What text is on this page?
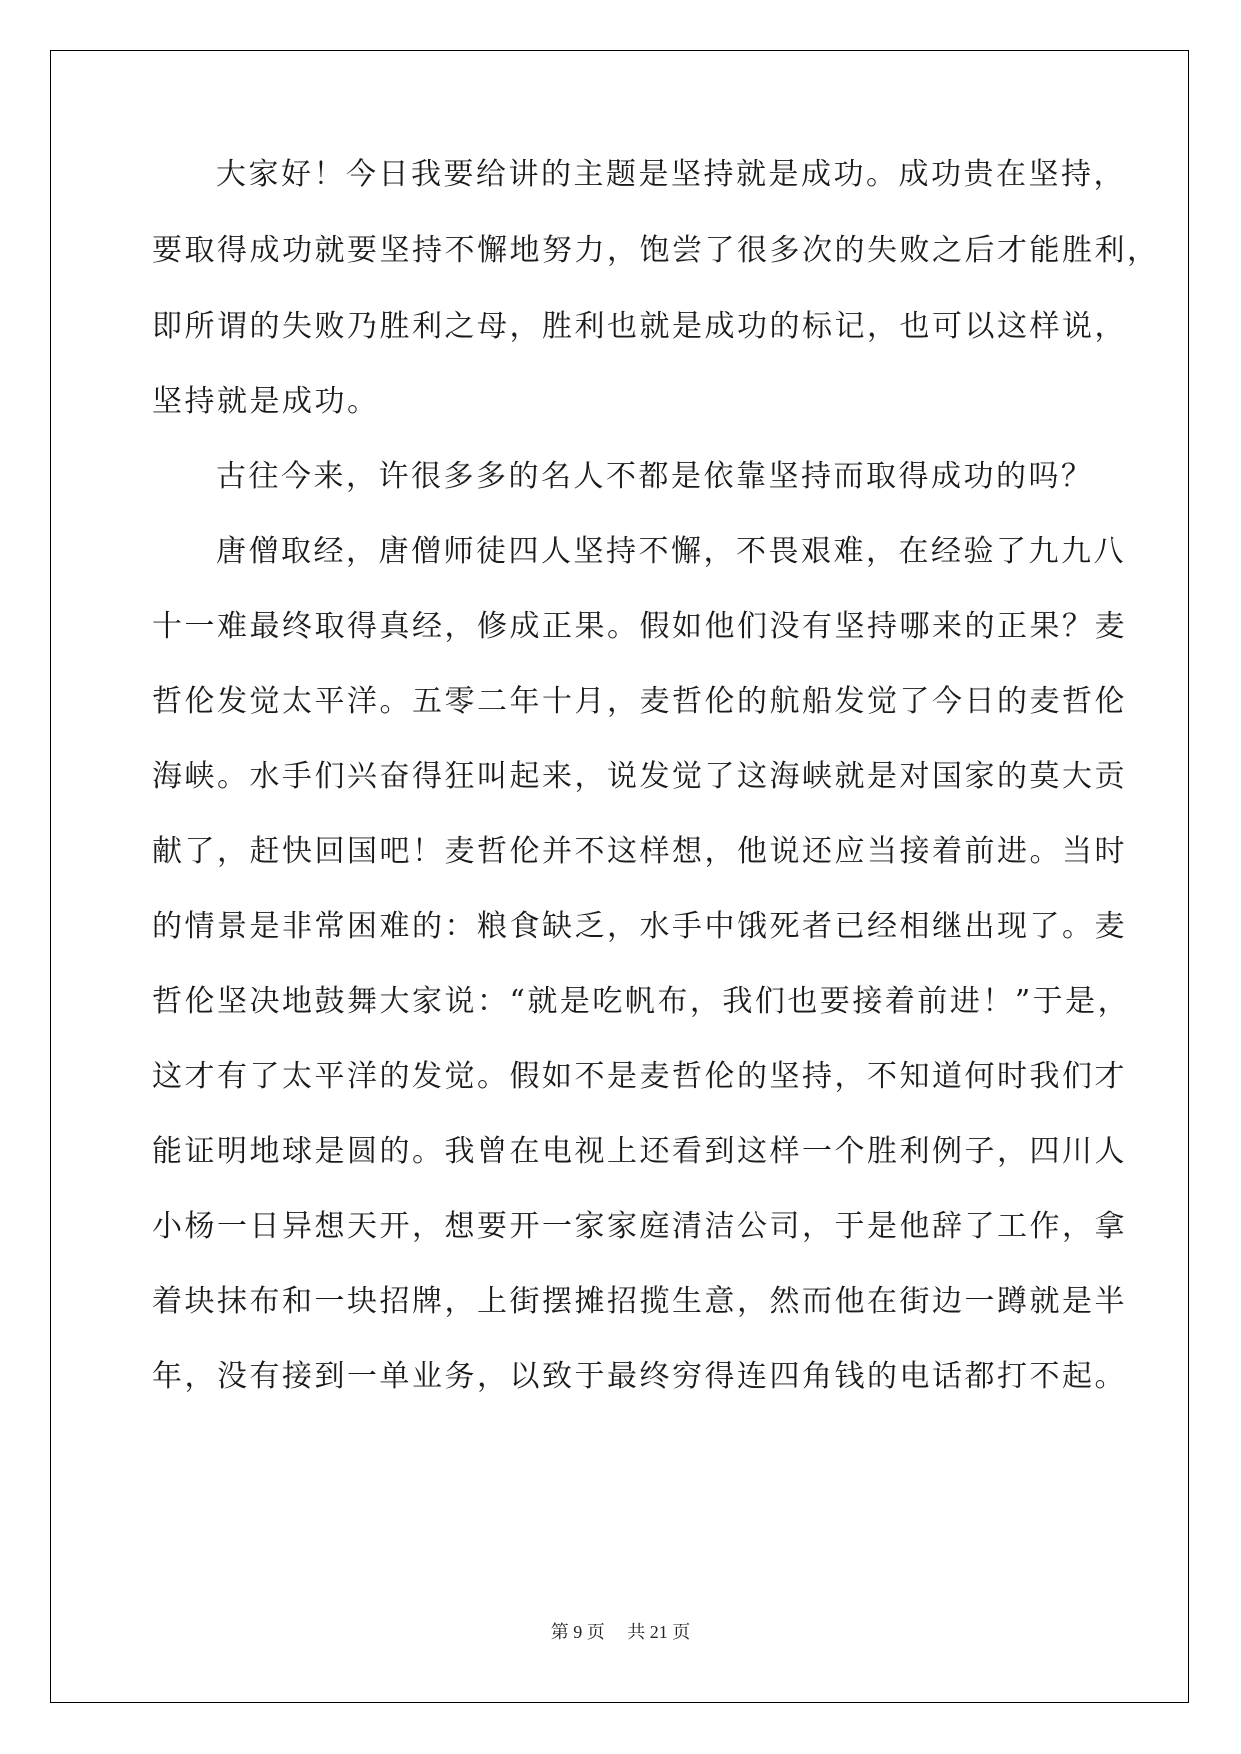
大家好！今日我要给讲的主题是坚持就是成功。成功贵在坚持，
要取得成功就要坚持不懈地努力，饱尝了很多次的失败之后才能胜利，
即所谓的失败乃胜利之母，胜利也就是成功的标记，也可以这样说，
坚持就是成功。
古往今来，许很多多的名人不都是依靠坚持而取得成功的吗？
唐僧取经，唐僧师徒四人坚持不懈，不畏艰难，在经验了九九八
十一难最终取得真经，修成正果。假如他们没有坚持哪来的正果？麦
哲伦发觉太平洋。五零二年十月，麦哲伦的航船发觉了今日的麦哲伦
海峡。水手们兴奋得狂叫起来，说发觉了这海峡就是对国家的莫大贡
献了，赶快回国吧！麦哲伦并不这样想，他说还应当接着前进。当时
的情景是非常困难的：粮食缺乏，水手中饿死者已经相继出现了。麦
哲伦坚决地鼓舞大家说：“就是吃帆布，我们也要接着前进！”于是，
这才有了太平洋的发觉。假如不是麦哲伦的坚持，不知道何时我们才
能证明地球是圆的。我曾在电视上还看到这样一个胜利例子，四川人
小杨一日异想天开，想要开一家家庭清洁公司，于是他辞了工作，拿
着块抹布和一块招牌，上街摆摊招揽生意，然而他在街边一蹲就是半
年，没有接到一单业务，以致于最终穷得连四角钱的电话都打不起。
第 9 页 共 21 页
